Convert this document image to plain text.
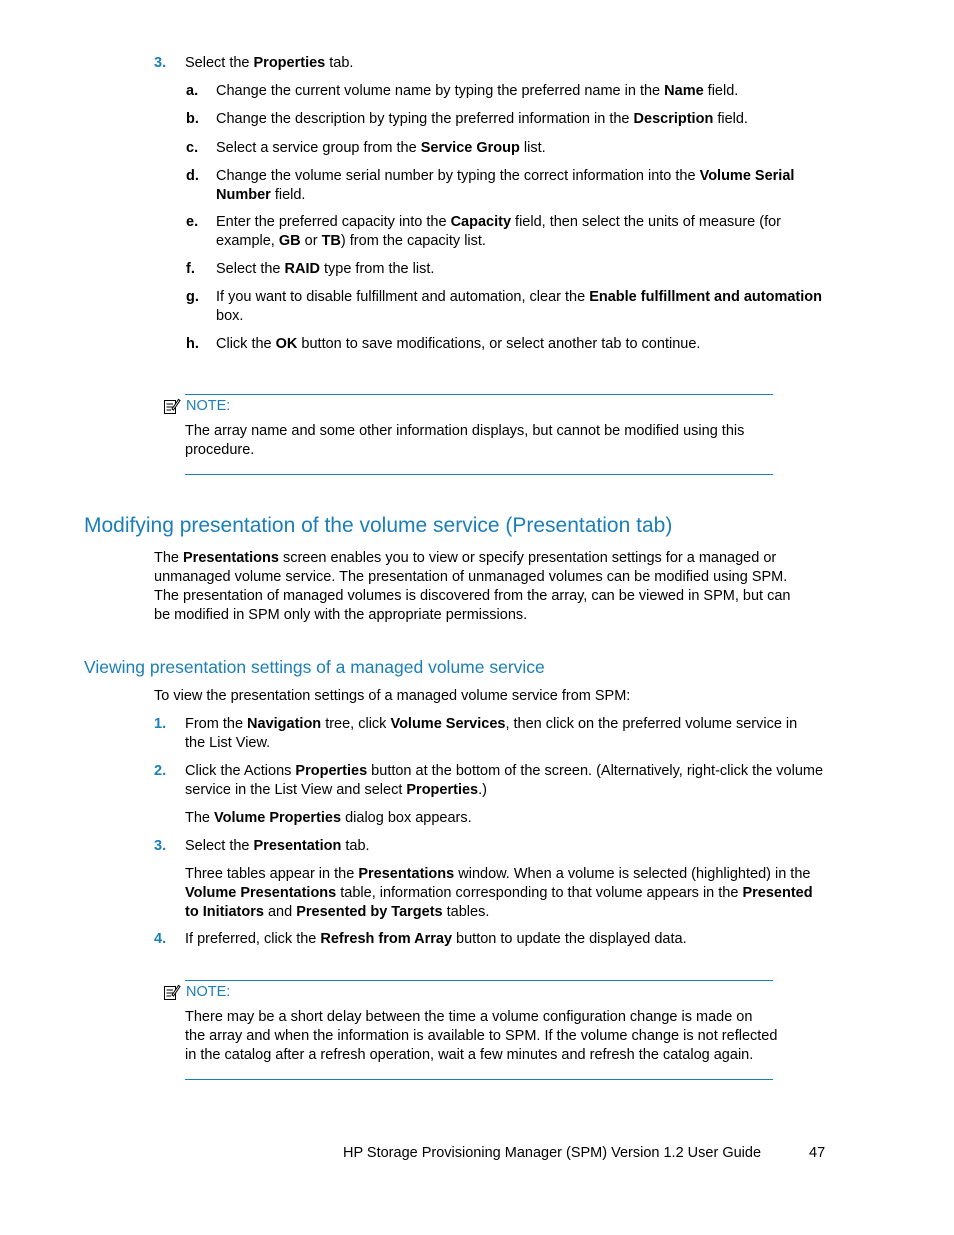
3. Select the Properties tab.
a. Change the current volume name by typing the preferred name in the Name field.
b. Change the description by typing the preferred information in the Description field.
c. Select a service group from the Service Group list.
d. Change the volume serial number by typing the correct information into the Volume Serial
Number field.
e. Enter the preferred capacity into the Capacity field, then select the units of measure (for
example, GB or TB) from the capacity list.
f. Select the RAID type from the list.
g. If you want to disable fulfillment and automation, clear the Enable fulfillment and automation
box.
h. Click the OK button to save modifications, or select another tab to continue.
NOTE:
The array name and some other information displays, but cannot be modified using this
procedure.
Modifying presentation of the volume service (Presentation tab)
The Presentations screen enables you to view or specify presentation settings for a managed or
unmanaged volume service. The presentation of unmanaged volumes can be modified using SPM.
The presentation of managed volumes is discovered from the array, can be viewed in SPM, but can
be modified in SPM only with the appropriate permissions.
Viewing presentation settings of a managed volume service
To view the presentation settings of a managed volume service from SPM:
1. From the Navigation tree, click Volume Services, then click on the preferred volume service in
the List View.
2. Click the Actions Properties button at the bottom of the screen. (Alternatively, right-click the volume
service in the List View and select Properties.)
The Volume Properties dialog box appears.
3. Select the Presentation tab.
Three tables appear in the Presentations window. When a volume is selected (highlighted) in the
Volume Presentations table, information corresponding to that volume appears in the Presented
to Initiators and Presented by Targets tables.
4. If preferred, click the Refresh from Array button to update the displayed data.
NOTE:
There may be a short delay between the time a volume configuration change is made on
the array and when the information is available to SPM. If the volume change is not reflected
in the catalog after a refresh operation, wait a few minutes and refresh the catalog again.
HP Storage Provisioning Manager (SPM) Version 1.2 User Guide	47
